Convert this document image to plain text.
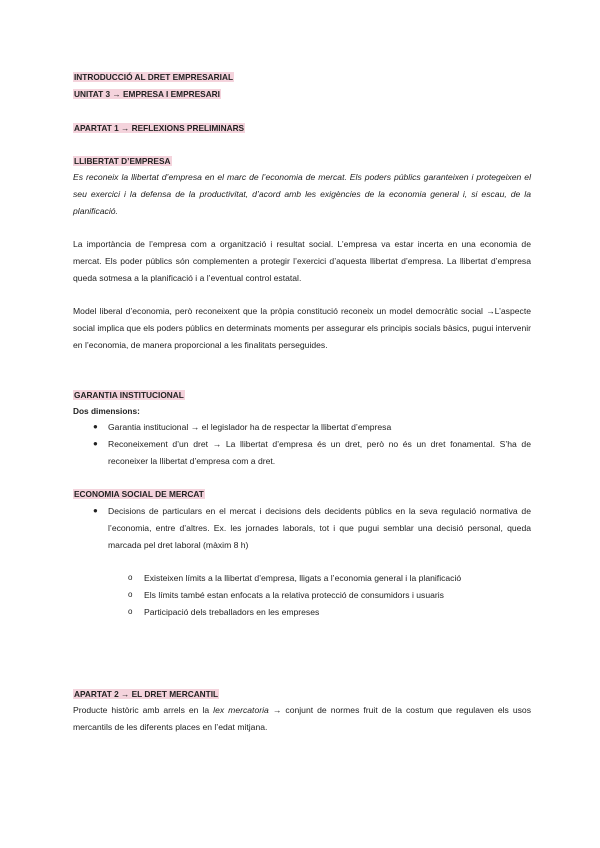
INTRODUCCIÓ AL DRET EMPRESARIAL
UNITAT 3 → EMPRESA I EMPRESARI
APARTAT 1 → REFLEXIONS PRELIMINARS
LLIBERTAT D’EMPRESA
Es reconeix la llibertat d’empresa en el marc de l’economia de mercat. Els poders públics garanteixen i protegeixen el seu exercici i la defensa de la productivitat, d’acord amb les exigències de la economia general i, si escau, de la planificació.
La importància de l’empresa com a organització i resultat social. L’empresa va estar incerta en una economia de mercat. Els poder públics són complementen a protegir l’exercici d’aquesta llibertat d’empresa. La llibertat d’empresa queda sotmesa a la planificació i a l’eventual control estatal.
Model liberal d’economia, però reconeixent que la pròpia constitució reconeix un model democràtic social →L’aspecte social implica que els poders públics en determinats moments per assegurar els principis socials bàsics, pugui intervenir en l’economia, de manera proporcional a les finalitats perseguides.
GARANTIA INSTITUCIONAL
Dos dimensions:
● Garantia institucional → el legislador ha de respectar la llibertat d’empresa
● Reconeixement d’un dret → La llibertat d’empresa és un dret, però no és un dret fonamental. S’ha de reconeixer la llibertat d’empresa com a dret.
ECONOMIA SOCIAL DE MERCAT
● Decisions de particulars en el mercat i decisions dels decidents públics en la seva regulació normativa de l’economia, entre d’altres. Ex. les jornades laborals, tot i que pugui semblar una decisió personal, queda marcada pel dret laboral (màxim 8 h)
o Existeixen límits a la llibertat d’empresa, lligats a l’economia general i la planificació
o Els límits també estan enfocats a la relativa protecció de consumidors i usuaris
o Participació dels treballadors en les empreses
APARTAT 2 → EL DRET MERCANTIL
Producte històric amb arrels en la lex mercatoria → conjunt de normes fruit de la costum que regulaven els usos mercantils de les diferents places en l’edat mitjana.
